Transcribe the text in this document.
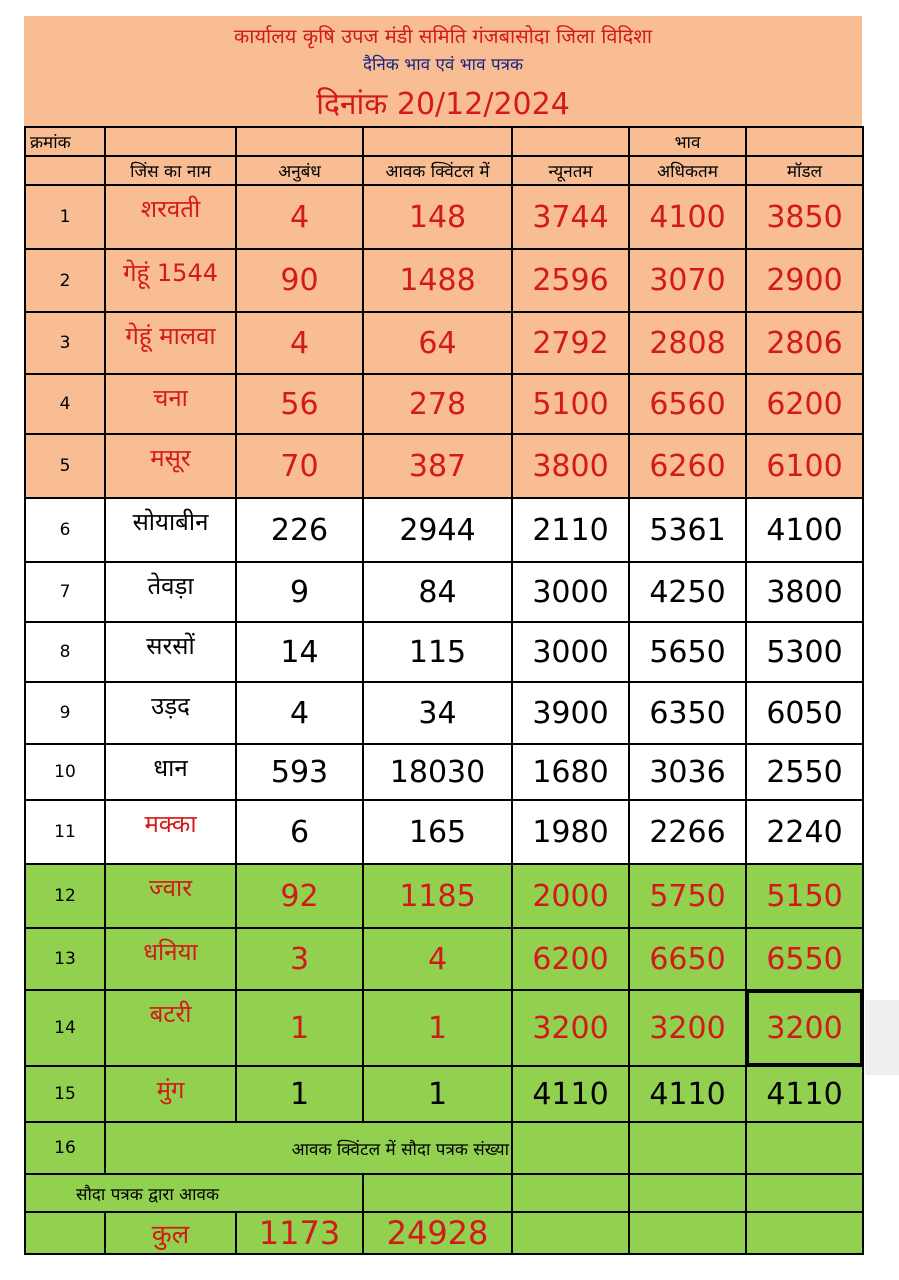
कार्यालय कृषि उपज मंडी समिति गंजबासोदा जिला विदिशा
दैनिक भाव एवं भाव पत्रक
दिनांक 20/12/2024
क्रमांक					भाव	
	जिंस का नाम	अनुबंध	आवक क्विंटल में	न्यूनतम	अधिकतम	मॉडल
1	शरवती	4	148	3744	4100	3850
2	गेहूं 1544	90	1488	2596	3070	2900
3	गेहूं मालवा	4	64	2792	2808	2806
4	चना	56	278	5100	6560	6200
5	मसूर	70	387	3800	6260	6100
6	सोयाबीन	226	2944	2110	5361	4100
7	तेवड़ा	9	84	3000	4250	3800
8	सरसों	14	115	3000	5650	5300
9	उड़द	4	34	3900	6350	6050
10	धान	593	18030	1680	3036	2550
11	मक्का	6	165	1980	2266	2240
12	ज्वार	92	1185	2000	5750	5150
13	धनिया	3	4	6200	6650	6550
14	बटरी	1	1	3200	3200	3200
15	मुंग	1	1	4110	4110	4110
16	आवक क्विंटल में सौदा पत्रक संख्या					
सौदा पत्रक द्वारा आवक						
	कुल	1173	24928			
